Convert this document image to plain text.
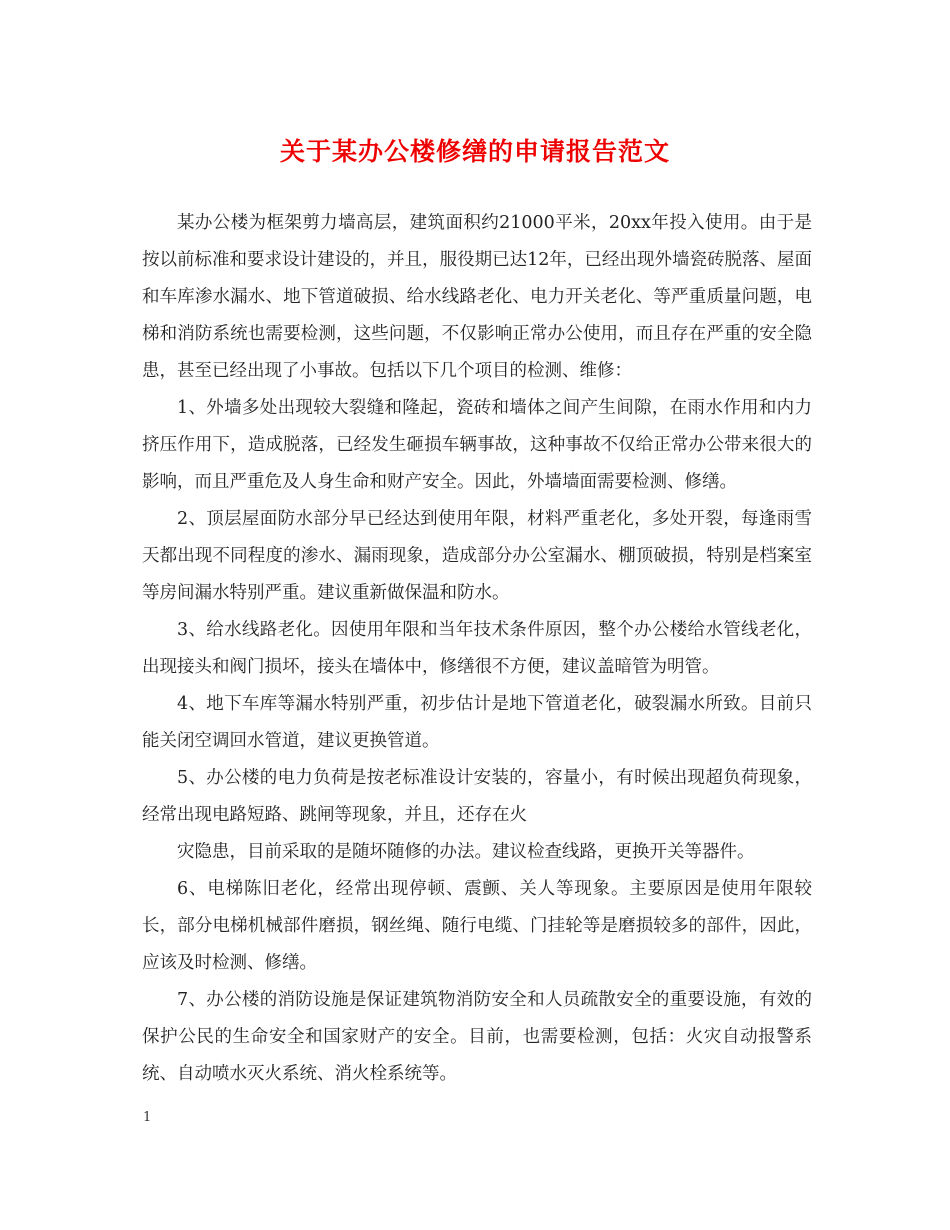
关于某办公楼修缮的申请报告范文

某办公楼为框架剪力墙高层，建筑面积约21000平米，20xx年投入使用。由于是按以前标准和要求设计建设的，并且，服役期已达12年，已经出现外墙瓷砖脱落、屋面和车库渗水漏水、地下管道破损、给水线路老化、电力开关老化、等严重质量问题，电梯和消防系统也需要检测，这些问题，不仅影响正常办公使用，而且存在严重的安全隐患，甚至已经出现了小事故。包括以下几个项目的检测、维修：

1、外墙多处出现较大裂缝和隆起，瓷砖和墙体之间产生间隙，在雨水作用和内力挤压作用下，造成脱落，已经发生砸损车辆事故，这种事故不仅给正常办公带来很大的影响，而且严重危及人身生命和财产安全。因此，外墙墙面需要检测、修缮。

2、顶层屋面防水部分早已经达到使用年限，材料严重老化，多处开裂，每逢雨雪天都出现不同程度的渗水、漏雨现象，造成部分办公室漏水、棚顶破损，特别是档案室等房间漏水特别严重。建议重新做保温和防水。

3、给水线路老化。因使用年限和当年技术条件原因，整个办公楼给水管线老化，出现接头和阀门损坏，接头在墙体中，修缮很不方便，建议盖暗管为明管。

4、地下车库等漏水特别严重，初步估计是地下管道老化，破裂漏水所致。目前只能关闭空调回水管道，建议更换管道。

5、办公楼的电力负荷是按老标准设计安装的，容量小，有时候出现超负荷现象，经常出现电路短路、跳闸等现象，并且，还存在火

灾隐患，目前采取的是随坏随修的办法。建议检查线路，更换开关等器件。

6、电梯陈旧老化，经常出现停顿、震颤、关人等现象。主要原因是使用年限较长，部分电梯机械部件磨损，钢丝绳、随行电缆、门挂轮等是磨损较多的部件，因此，应该及时检测、修缮。

7、办公楼的消防设施是保证建筑物消防安全和人员疏散安全的重要设施，有效的保护公民的生命安全和国家财产的安全。目前，也需要检测，包括：火灾自动报警系统、自动喷水灭火系统、消火栓系统等。

1
